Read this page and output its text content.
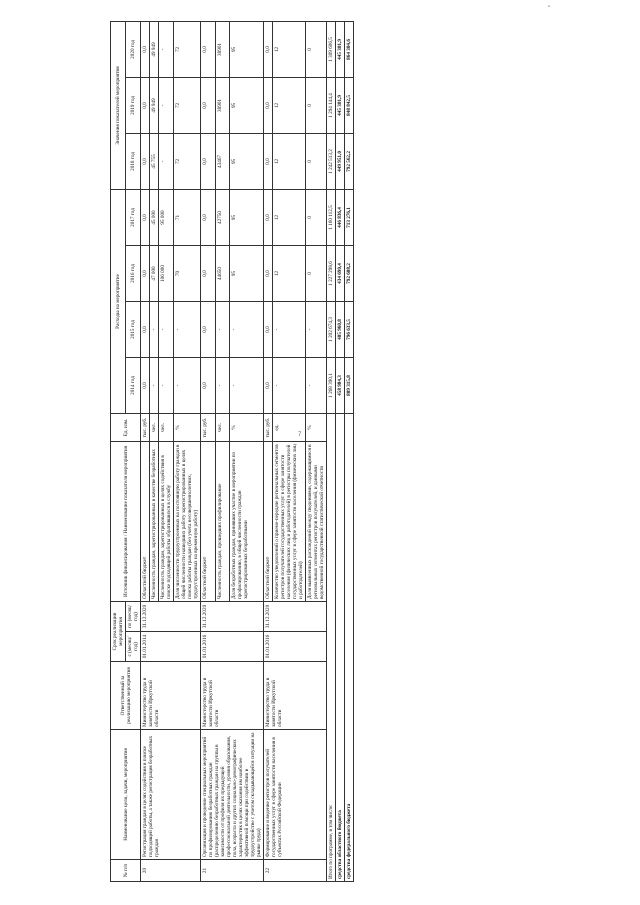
"
7
№ п/п	Наименование цели, задачи, мероприятия	Ответственный за реализацию мероприятия	Срок реализации мероприятия		Источник финансирования / Наименование показателя мероприятия	Ед. изм.	Расходы на мероприятие				Значения показателей мероприятия		
			с (месяц/год)	по (месяц/год)			2014 год	2015 год	2016 год	2017 год	2018 год	2019 год	2020 год
20	Регистрация граждан в целях содействия в поиске подходящей работы, а также регистрация безработных граждан	Министерство труда и занятости Иркутской области	01.01.2014	31.12.2020	Областной бюджет	тыс. руб.	0,0	0,0	0,0	0,0	0,0	0,0	0,0
					Численность граждан, зарегистрированных в качестве безработных	чел.	-	-	47 000	45 000	45 755	49 949	49 949
					Численность граждан, зарегистрированных в целях содействия в поиске подходящей работы обратившихся в службу	чел.	-	-	106 000	95 000	-	-	-
					Доля численности трудоустроенных на постоянную работу граждан в общей численности нашедших работу зарегистрированных в целях поиска работы граждан (без учета несовершеннолетних, трудоустроенных на временную работу)	%	-	-	70	71	72	72	72
21	Организация и проведение специальных мероприятий по профилированию безработных граждан (распределению безработных граждан на группы в зависимости от профиля их предыдущей профессиональной деятельности, уровня образования, пола, возраста и других социально-демографических характеристик в целях оказания им наиболее эффективной помощи при содействии в трудоустройстве с учетом складывающейся ситуации на рынке труда)	Министерство труда и занятости Иркутской области	01.01.2016	31.12.2020	Областной бюджет	тыс. руб.	0,0	0,0	0,0	0,0	0,0	0,0	0,0
					Численность граждан, прошедших профилирование	чел.	-	-	44650	42750	43467	38901	38901
					Доля безработных граждан, принявших участие в мероприятии по профилированию, в общей численности граждан зарегистрированных безработными	%	-	-	95	95	95	95	95
22	Формирование и ведение регистров получателей государственных услуг в сфере занятости населения в субъектах Российской Федерации	Министерство труда и занятости Иркутской области	01.01.2016	31.12.2020	Областной бюджет	тыс. руб.	0,0	0,0	0,0	0,0	0,0	0,0	0,0
					Количество уведомлений о приеме-передаче региональных сегментов регистров получателей государственных услуг в сфере занятости населения (физических лиц и работодателей) в регистры получателей государственных услуг в сфере занятости населения (физических лиц и работодателей)	ед.	-	-	12	12	12	12	12
					Доля выявленных расхождений между сведениями, содержащимися в региональных сегментах регистров получателей, и данными ведомственной государственной статистической отчетности	%	-	-	0	0	0	0	0
Итого по программе, в том числе:							1 268 390,1	1 202 674,3	1 227 298,6	1 160 112,5	1 242 513,2	1 294 144,4	1 309 606,5
средства областного бюджета							458 984,3	405 960,8	434 690,4	446 836,4	449 951,0	445 301,9	445 301,9
средства федерального бюджета							809 315,8	796 633,5	792 608,2	713 276,1	792 562,2	848 842,5	864 304,6
